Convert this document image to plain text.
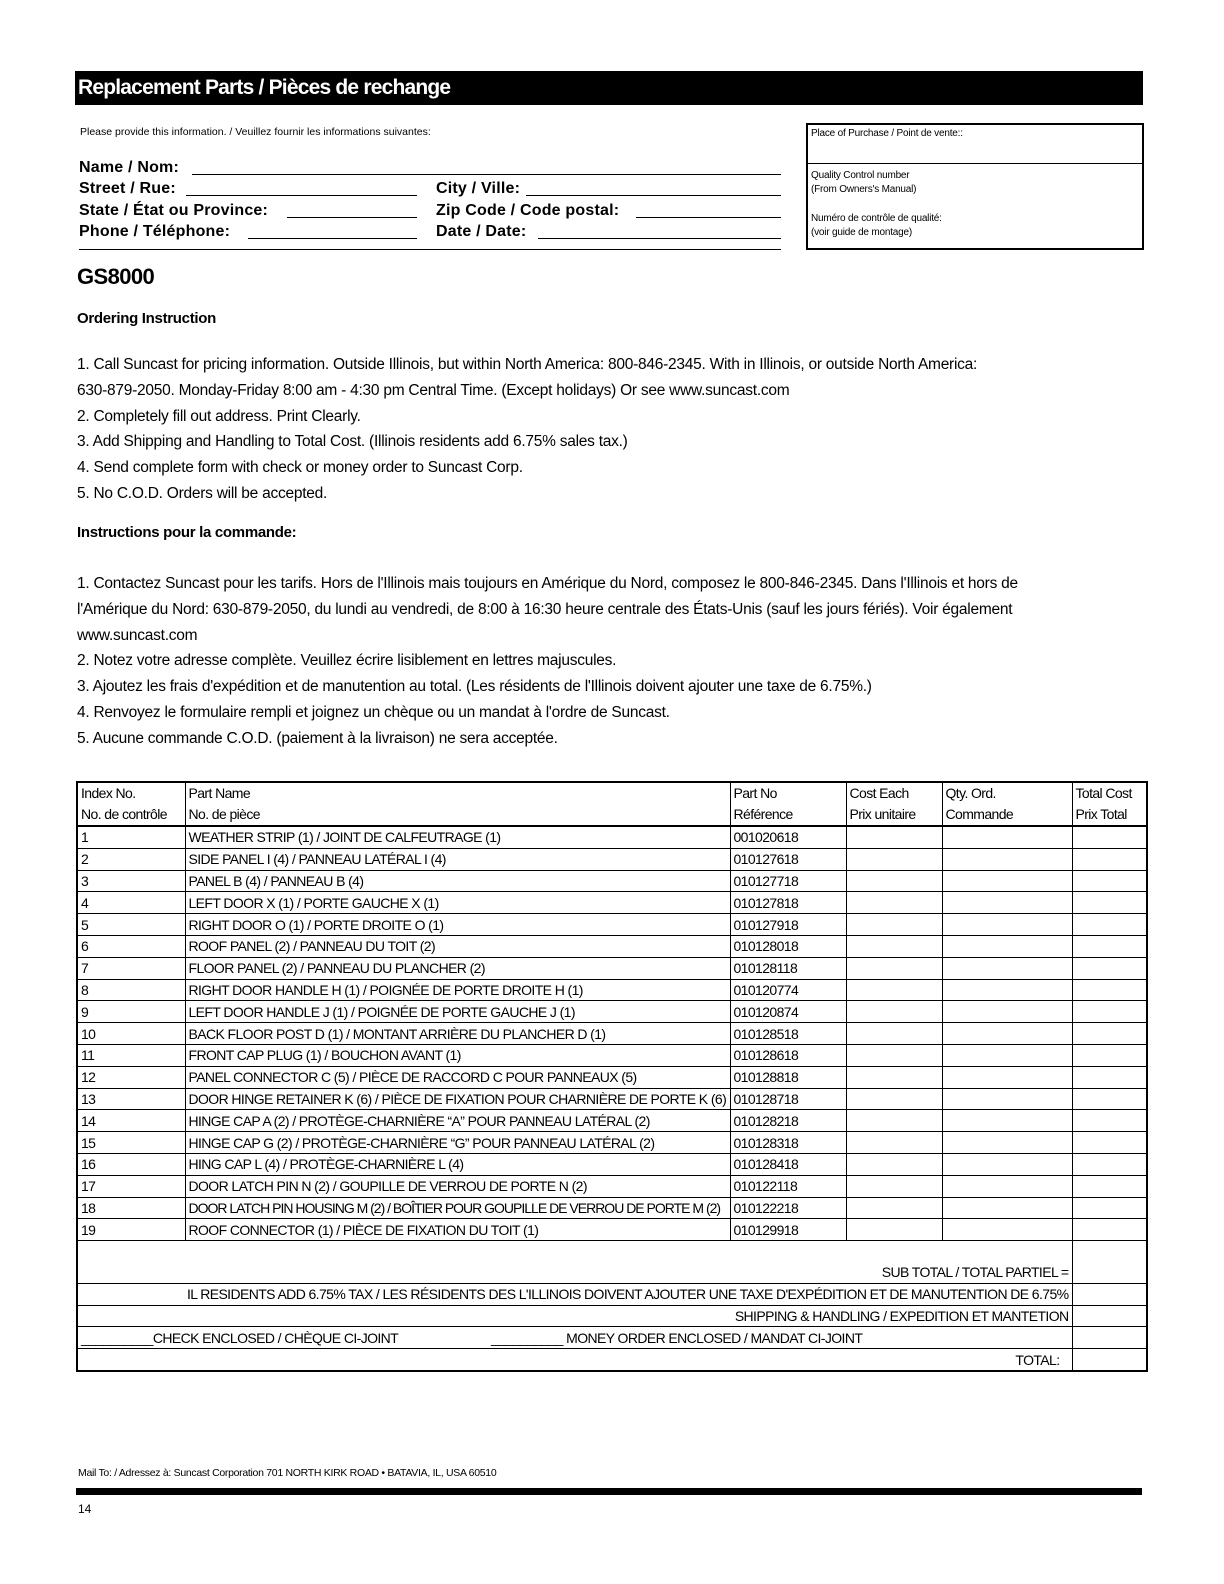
Replacement Parts / Pièces de rechange
Please provide this information. / Veuillez fournir les informations suivantes:
Name / Nom:
Street / Rue:	City / Ville:
State / État ou Province:	Zip Code / Code postal:
Phone / Téléphone:	Date / Date:
Place of Purchase / Point de vente::
Quality Control number
(From Owners's Manual)
Numéro de contrôle de qualité:
(voir guide de montage)
GS8000
Ordering Instruction
1. Call Suncast for pricing information. Outside Illinois, but within North America: 800-846-2345. With in Illinois, or outside North America:
630-879-2050. Monday-Friday 8:00 am - 4:30 pm Central Time. (Except holidays) Or see www.suncast.com
2. Completely fill out address. Print Clearly.
3. Add Shipping and Handling to Total Cost. (Illinois residents add 6.75% sales tax.)
4. Send complete form with check or money order to Suncast Corp.
5. No C.O.D. Orders will be accepted.
Instructions pour la commande:
1. Contactez Suncast pour les tarifs. Hors de l'Illinois mais toujours en Amérique du Nord, composez le 800-846-2345. Dans l'Illinois et hors de
l'Amérique du Nord: 630-879-2050, du lundi au vendredi, de 8:00 à 16:30 heure centrale des États-Unis (sauf les jours fériés). Voir également
www.suncast.com
2. Notez votre adresse complète. Veuillez écrire lisiblement en lettres majuscules.
3. Ajoutez les frais d'expédition et de manutention au total. (Les résidents de l'Illinois doivent ajouter une taxe de 6.75%.)
4. Renvoyez le formulaire rempli et joignez un chèque ou un mandat à l'ordre de Suncast.
5. Aucune commande C.O.D. (paiement à la livraison) ne sera acceptée.
Index No.	Part Name	Part No	Cost Each	Qty. Ord.	Total Cost
No. de contrôle	No. de pièce	Référence	Prix unitaire	Commande	Prix Total
1	WEATHER STRIP (1) / JOINT DE CALFEUTRAGE (1)	001020618			
2	SIDE PANEL I (4) / PANNEAU LATÉRAL I (4)	010127618			
3	PANEL B (4) / PANNEAU B (4)	010127718			
4	LEFT DOOR X (1) / PORTE GAUCHE X (1)	010127818			
5	RIGHT DOOR O (1) / PORTE DROITE O (1)	010127918			
6	ROOF PANEL (2) / PANNEAU DU TOIT (2)	010128018			
7	FLOOR PANEL (2) / PANNEAU DU PLANCHER (2)	010128118			
8	RIGHT DOOR HANDLE H (1) / POIGNÉE DE PORTE DROITE H (1)	010120774			
9	LEFT DOOR HANDLE J (1) / POIGNÉE DE PORTE GAUCHE J (1)	010120874			
10	BACK FLOOR POST D (1) / MONTANT ARRIÈRE DU PLANCHER D (1)	010128518			
11	FRONT CAP PLUG (1) / BOUCHON AVANT (1)	010128618			
12	PANEL CONNECTOR C (5) / PIÈCE DE RACCORD C POUR PANNEAUX (5)	010128818			
13	DOOR HINGE RETAINER K (6) / PIÈCE DE FIXATION POUR CHARNIÈRE DE PORTE K (6)	010128718			
14	HINGE CAP A (2) / PROTÈGE-CHARNIÈRE “A” POUR PANNEAU LATÉRAL (2)	010128218			
15	HINGE CAP G (2) / PROTÈGE-CHARNIÈRE “G” POUR PANNEAU LATÉRAL (2)	010128318			
16	HING CAP L (4) / PROTÈGE-CHARNIÈRE L (4)	010128418			
17	DOOR LATCH PIN N (2) / GOUPILLE DE VERROU DE PORTE N (2)	010122118			
18	DOOR LATCH PIN HOUSING M (2) / BOÎTIER POUR GOUPILLE DE VERROU DE PORTE M (2)	010122218			
19	ROOF CONNECTOR (1) / PIÈCE DE FIXATION DU TOIT (1)	010129918			

SUB TOTAL / TOTAL PARTIEL =					
IL RESIDENTS ADD 6.75% TAX / LES RÉSIDENTS DES L'ILLINOIS DOIVENT AJOUTER UNE TAXE D'EXPÉDITION ET DE MANUTENTION DE 6.75%					
SHIPPING & HANDLING / EXPEDITION ET MANTETION					
__________CHECK ENCLOSED / CHÈQUE CI-JOINT __________ MONEY ORDER ENCLOSED / MANDAT CI-JOINT					
TOTAL:					
Mail To: / Adressez à: Suncast Corporation 701 NORTH KIRK ROAD • BATAVIA, IL, USA 60510
14
